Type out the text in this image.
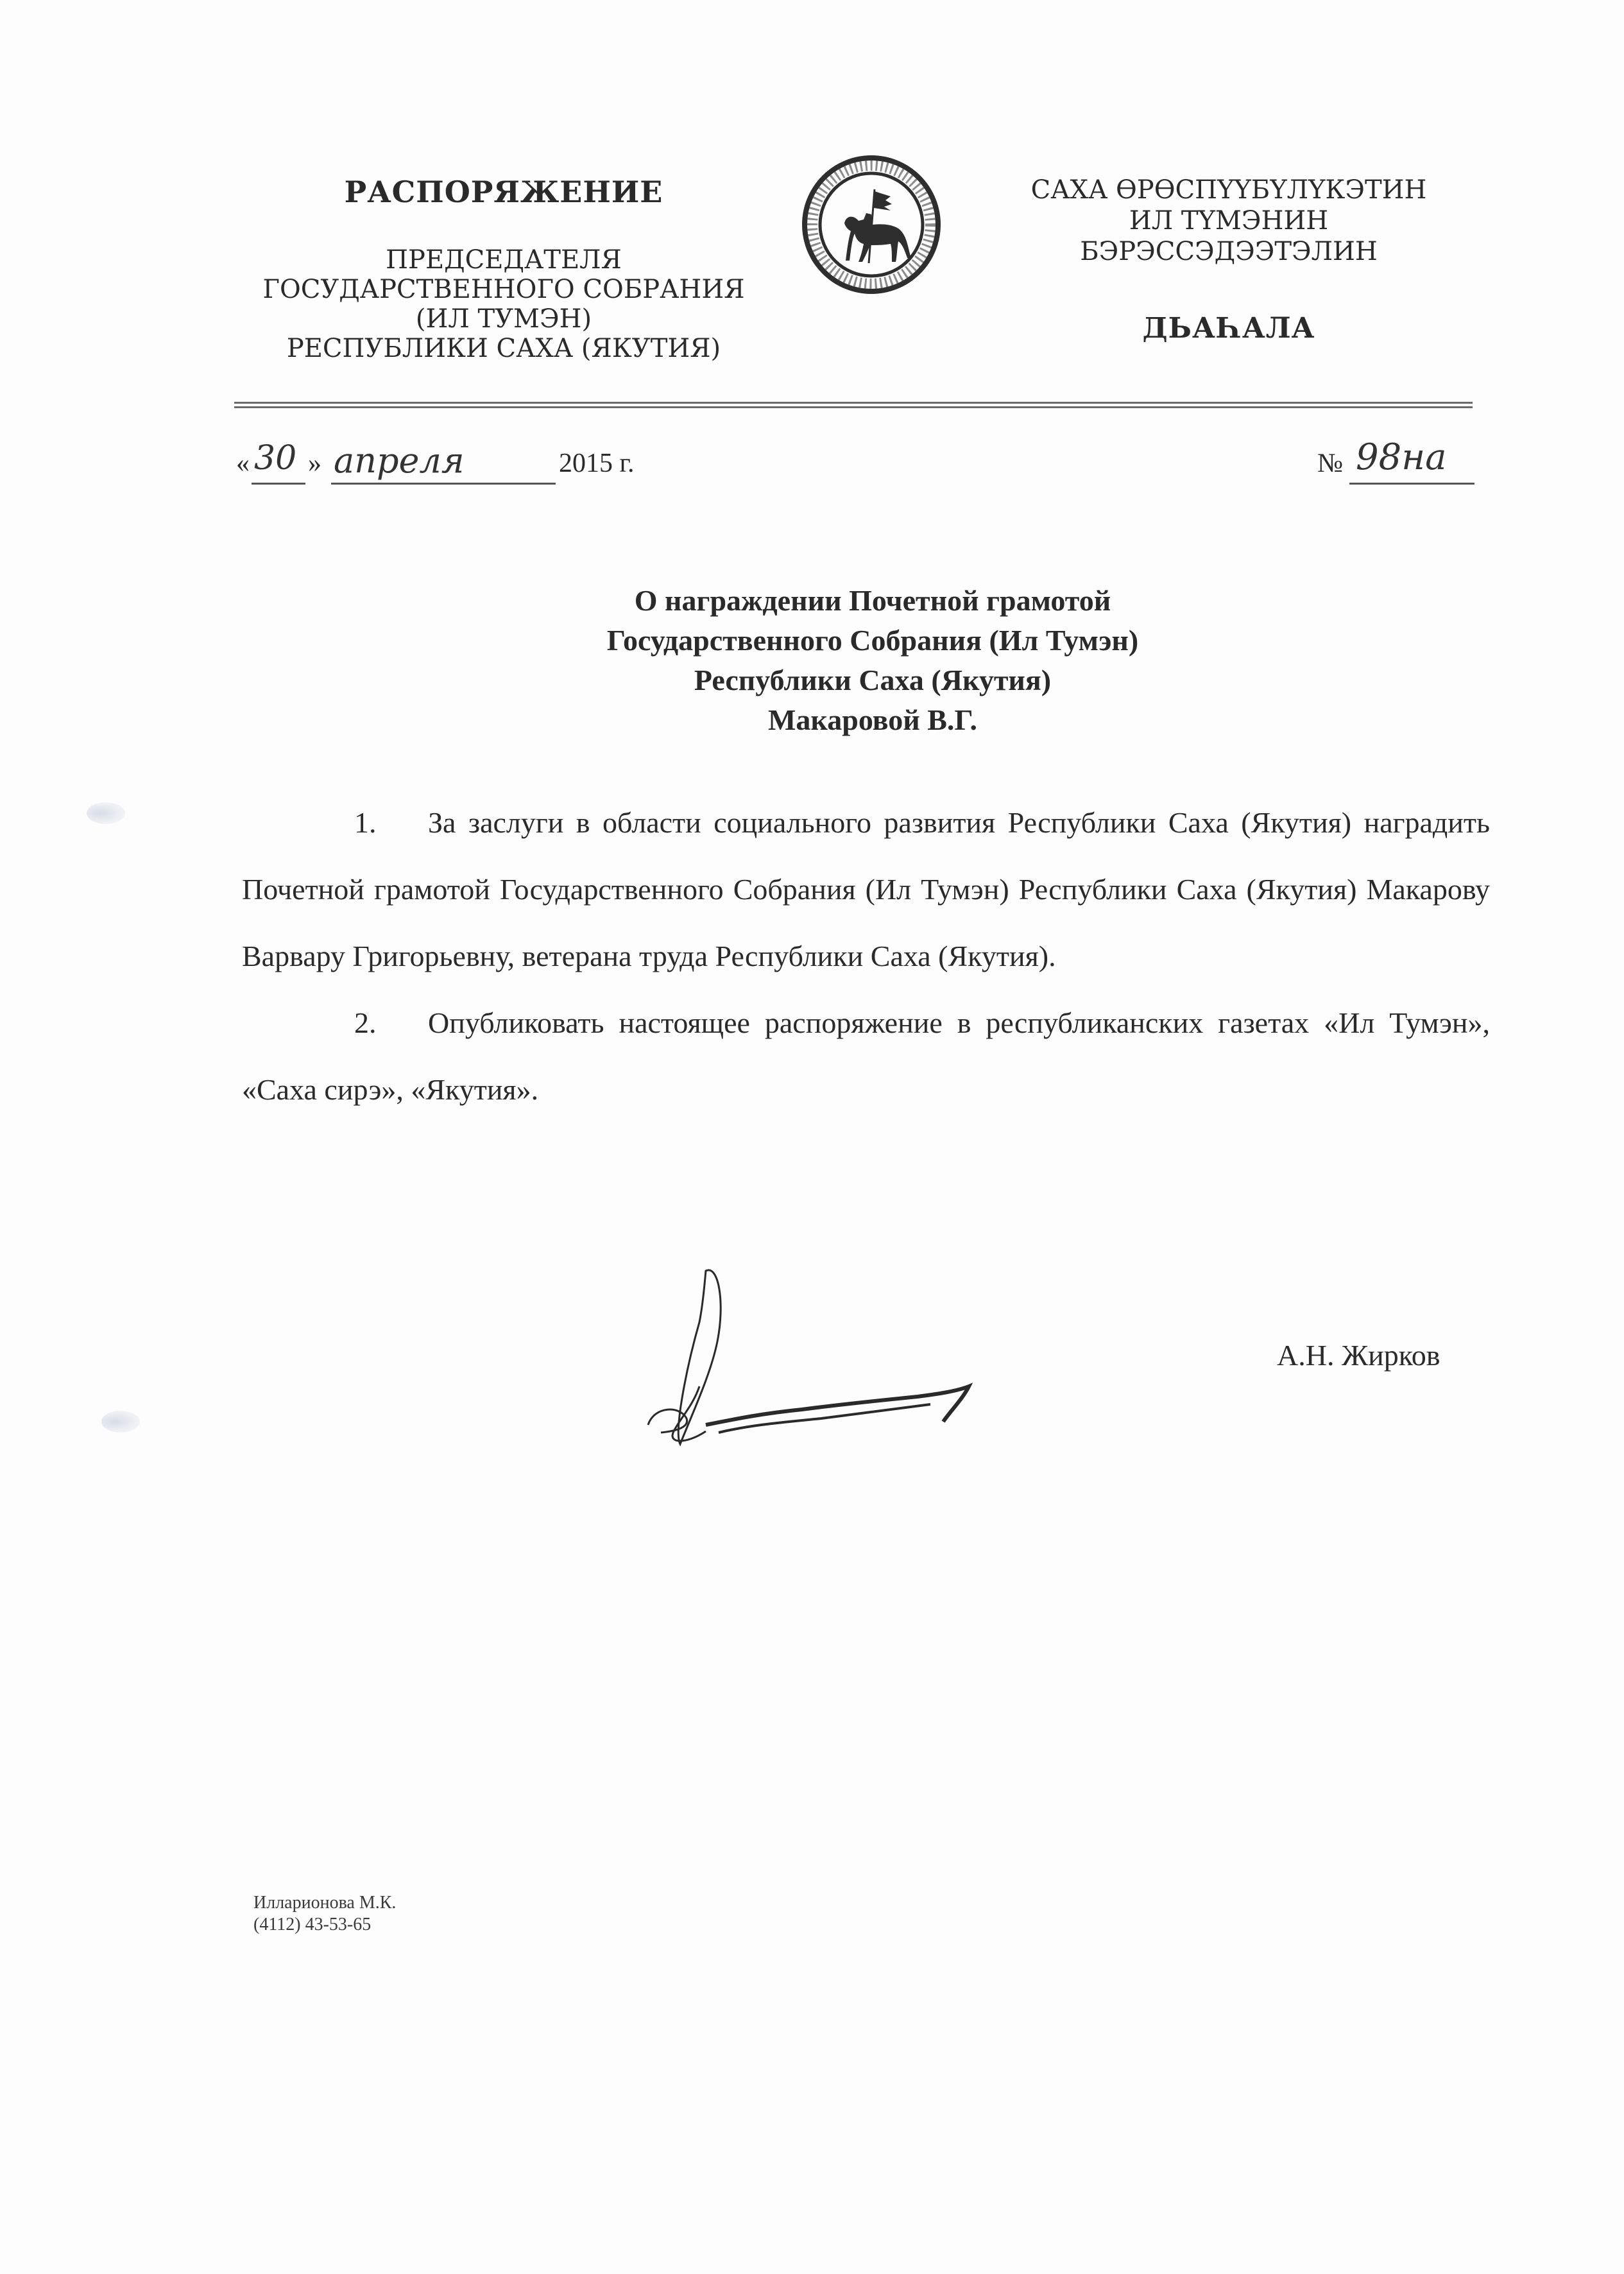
РАСПОРЯЖЕНИЕ
ПРЕДСЕДАТЕЛЯ
ГОСУДАРСТВЕННОГО СОБРАНИЯ
(ИЛ ТУМЭН)
РЕСПУБЛИКИ САХА (ЯКУТИЯ)
САХА ӨРӨСПҮҮБҮЛҮКЭТИН
ИЛ ТҮМЭНИН
БЭРЭССЭДЭЭТЭЛИН
ДЬАҺАЛА
« 30 » апреля	2015 г.	№ 98на
О награждении Почетной грамотой
Государственного Собрания (Ил Тумэн)
Республики Саха (Якутия)
Макаровой В.Г.

1. За заслуги в области социального развития Республики Саха (Якутия) наградить Почетной грамотой Государственного Собрания (Ил Тумэн) Республики Саха (Якутия) Макарову Варвару Григорьевну, ветерана труда Республики Саха (Якутия).

2. Опубликовать настоящее распоряжение в республиканских газетах «Ил Тумэн», «Саха сирэ», «Якутия».

А.Н. Жирков
Илларионова М.К.
(4112) 43-53-65
